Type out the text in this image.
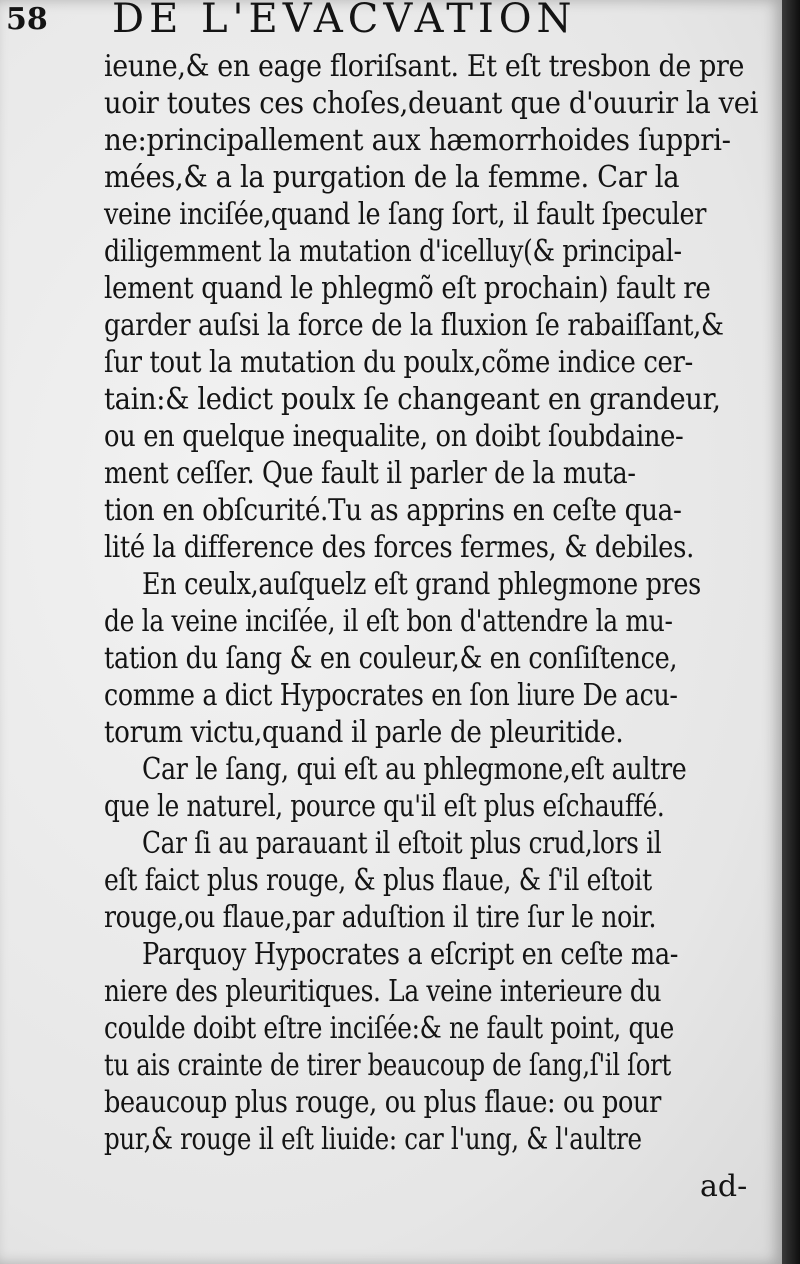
58 DE L'EVACVATION
ieune,& en eage floriſsant. Et eſt tresbon de pre
uoir toutes ces choſes,deuant que d'ouurir la vei
ne:principallement aux hæmorrhoides ſuppri-
mées,& a la purgation de la femme. Car la
veine inciſée,quand le ſang ſort, il fault ſpeculer
diligemment la mutation d'icelluy(& principal-
lement quand le phlegmõ eſt prochain) fault re
garder auſsi la force de la fluxion ſe rabaiſſant,&
ſur tout la mutation du poulx,cõme indice cer-
tain:& ledict poulx ſe changeant en grandeur,
ou en quelque inequalite, on doibt ſoubdaine-
ment ceſſer. Que fault il parler de la muta-
tion en obſcurité.Tu as apprins en ceſte qua-
lité la difference des forces fermes, & debiles.
En ceulx,auſquelz eſt grand phlegmone pres
de la veine inciſée, il eſt bon d'attendre la mu-
tation du ſang & en couleur,& en conſiſtence,
comme a dict Hypocrates en ſon liure De acu-
torum victu,quand il parle de pleuritide.
Car le ſang, qui eſt au phlegmone,eſt aultre
que le naturel, pource qu'il eſt plus eſchauffé.
Car ſi au parauant il eſtoit plus crud,lors il
eſt faict plus rouge, & plus flaue, & ſ'il eſtoit
rouge,ou flaue,par aduſtion il tire ſur le noir.
Parquoy Hypocrates a eſcript en ceſte ma-
niere des pleuritiques. La veine interieure du
coulde doibt eſtre inciſée:& ne fault point, que
tu ais crainte de tirer beaucoup de ſang,ſ'il ſort
beaucoup plus rouge, ou plus flaue: ou pour
pur,& rouge il eſt liuide: car l'ung, & l'aultre
ad-
